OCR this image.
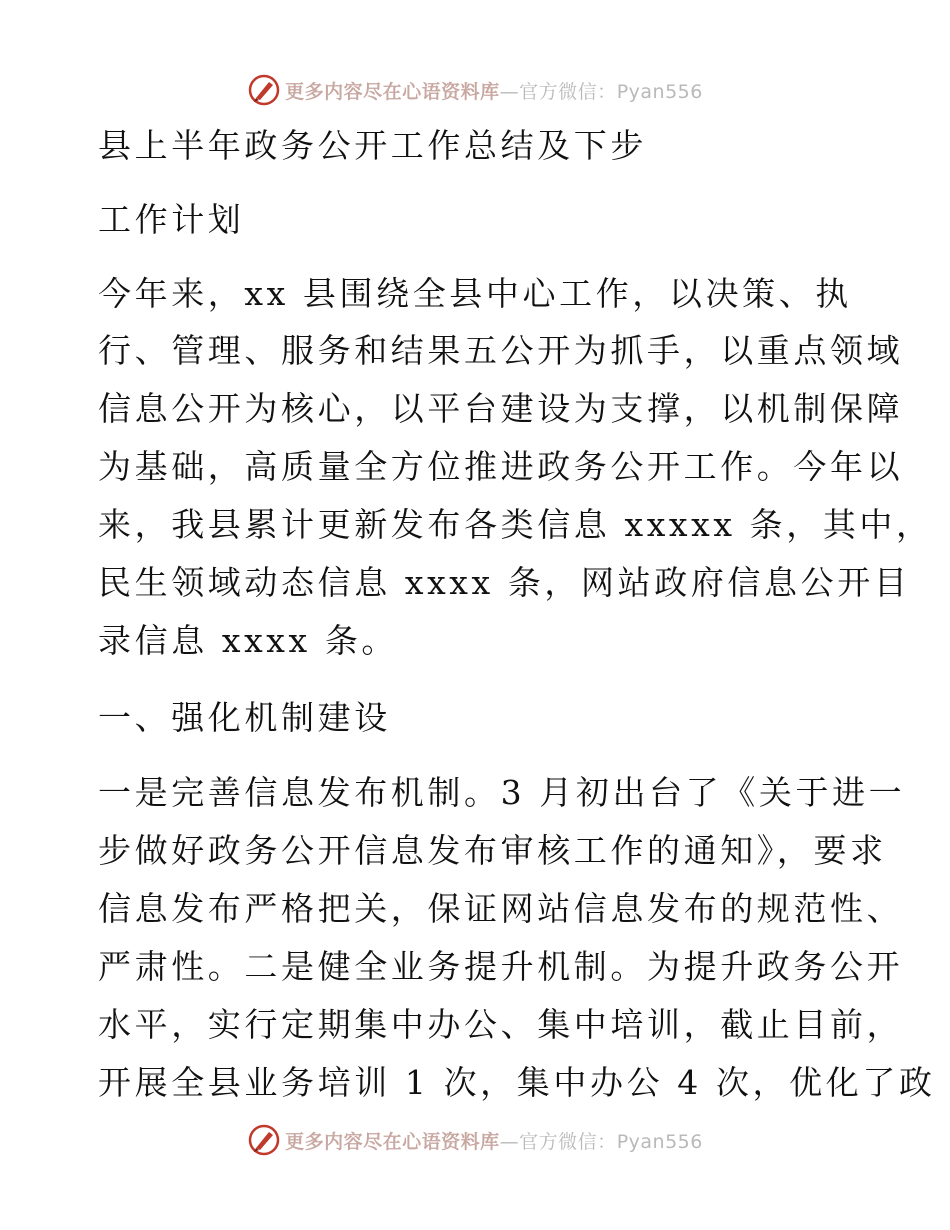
更多内容尽在心语资料库—官方微信：Pyan556
县上半年政务公开工作总结及下步
工作计划
今年来，xx 县围绕全县中心工作，以决策、执
行、管理、服务和结果五公开为抓手，以重点领域
信息公开为核心，以平台建设为支撑，以机制保障
为基础，高质量全方位推进政务公开工作。今年以
来，我县累计更新发布各类信息 xxxxx 条，其中，
民生领域动态信息 xxxx 条，网站政府信息公开目
录信息 xxxx 条。
一、强化机制建设
一是完善信息发布机制。3 月初出台了《关于进一
步做好政务公开信息发布审核工作的通知》，要求
信息发布严格把关，保证网站信息发布的规范性、
严肃性。二是健全业务提升机制。为提升政务公开
水平，实行定期集中办公、集中培训，截止目前，
开展全县业务培训 1 次，集中办公 4 次，优化了政
更多内容尽在心语资料库—官方微信：Pyan556
